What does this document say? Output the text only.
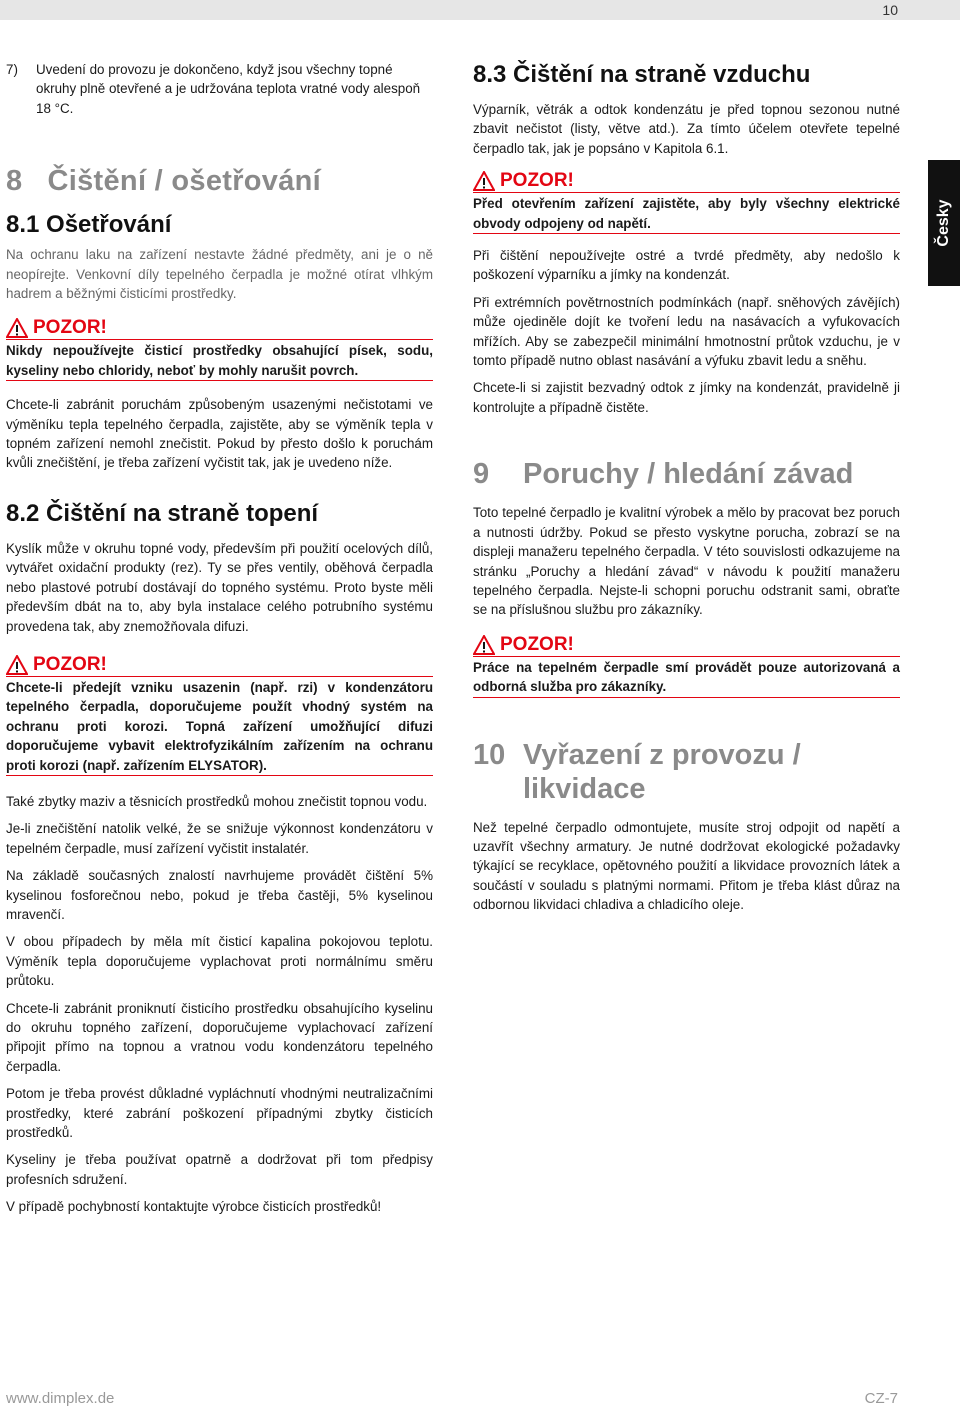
10
7)	Uvedení do provozu je dokončeno, když jsou všechny topné okruhy plně otevřené a je udržována teplota vratné vody alespoň 18 °C.
8 Čištění / ošetřování
8.1 Ošetřování

Na ochranu laku na zařízení nestavte žádné předměty, ani je o ně neopírejte. Venkovní díly tepelného čerpadla je možné otírat vlhkým hadrem a běžnými čisticími prostředky.

POZOR!
Nikdy nepoužívejte čisticí prostředky obsahující písek, sodu, kyseliny nebo chloridy, neboť by mohly narušit povrch.

Chcete-li zabránit poruchám způsobeným usazenými nečistotami ve výměníku tepla tepelného čerpadla, zajistěte, aby se výměník tepla v topném zařízení nemohl znečistit. Pokud by přesto došlo k poruchám kvůli znečištění, je třeba zařízení vyčistit tak, jak je uvedeno níže.

8.2 Čištění na straně topení

Kyslík může v okruhu topné vody, především při použití ocelových dílů, vytvářet oxidační produkty (rez). Ty se přes ventily, oběhová čerpadla nebo plastové potrubí dostávají do topného systému. Proto byste měli především dbát na to, aby byla instalace celého potrubního systému provedena tak, aby znemožňovala difuzi.

POZOR!
Chcete-li předejít vzniku usazenin (např. rzi) v kondenzátoru tepelného čerpadla, doporučujeme použít vhodný systém na ochranu proti korozi. Topná zařízení umožňující difuzi doporučujeme vybavit elektrofyzikálním zařízením na ochranu proti korozi (např. zařízením ELYSATOR).

Také zbytky maziv a těsnicích prostředků mohou znečistit topnou vodu.

Je-li znečištění natolik velké, že se snižuje výkonnost kondenzátoru v tepelném čerpadle, musí zařízení vyčistit instalatér.

Na základě současných znalostí navrhujeme provádět čištění 5% kyselinou fosforečnou nebo, pokud je třeba častěji, 5% kyselinou mravenčí.

V obou případech by měla mít čisticí kapalina pokojovou teplotu. Výměník tepla doporučujeme vyplachovat proti normálnímu směru průtoku.

Chcete-li zabránit proniknutí čisticího prostředku obsahujícího kyselinu do okruhu topného zařízení, doporučujeme vyplachovací zařízení připojit přímo na topnou a vratnou vodu kondenzátoru tepelného čerpadla.

Potom je třeba provést důkladné vypláchnutí vhodnými neutralizačními prostředky, které zabrání poškození případnými zbytky čisticích prostředků.

Kyseliny je třeba používat opatrně a dodržovat při tom předpisy profesních sdružení.

V případě pochybností kontaktujte výrobce čisticích prostředků!

8.3 Čištění na straně vzduchu

Výparník, větrák a odtok kondenzátu je před topnou sezonou nutné zbavit nečistot (listy, větve atd.). Za tímto účelem otevřete tepelné čerpadlo tak, jak je popsáno v Kapitola 6.1.

POZOR!
Před otevřením zařízení zajistěte, aby byly všechny elektrické obvody odpojeny od napětí.

Při čištění nepoužívejte ostré a tvrdé předměty, aby nedošlo k poškození výparníku a jímky na kondenzát.

Při extrémních povětrnostních podmínkách (např. sněhových závějích) může ojediněle dojít ke tvoření ledu na nasávacích a vyfukovacích mřížích. Aby se zabezpečil minimální hmotnostní průtok vzduchu, je v tomto případě nutno oblast nasávání a výfuku zbavit ledu a sněhu.

Chcete-li si zajistit bezvadný odtok z jímky na kondenzát, pravidelně ji kontrolujte a případně čistěte.

9	Poruchy / hledání závad

Toto tepelné čerpadlo je kvalitní výrobek a mělo by pracovat bez poruch a nutnosti údržby. Pokud se přesto vyskytne porucha, zobrazí se na displeji manažeru tepelného čerpadla. V této souvislosti odkazujeme na stránku „Poruchy a hledání závad“ v návodu k použití manažeru tepelného čerpadla. Nejste-li schopni poruchu odstranit sami, obraťte se na příslušnou službu pro zákazníky.

POZOR!
Práce na tepelném čerpadle smí provádět pouze autorizovaná a odborná služba pro zákazníky.
10 Vyřazení z provozu / likvidace

Než tepelné čerpadlo odmontujete, musíte stroj odpojit od napětí a uzavřít všechny armatury. Je nutné dodržovat ekologické požadavky týkající se recyklace, opětovného použití a likvidace provozních látek a součástí v souladu s platnými normami. Přitom je třeba klást důraz na odbornou likvidaci chladiva a chladicího oleje.

Česky
www.dimplex.de	CZ-7
